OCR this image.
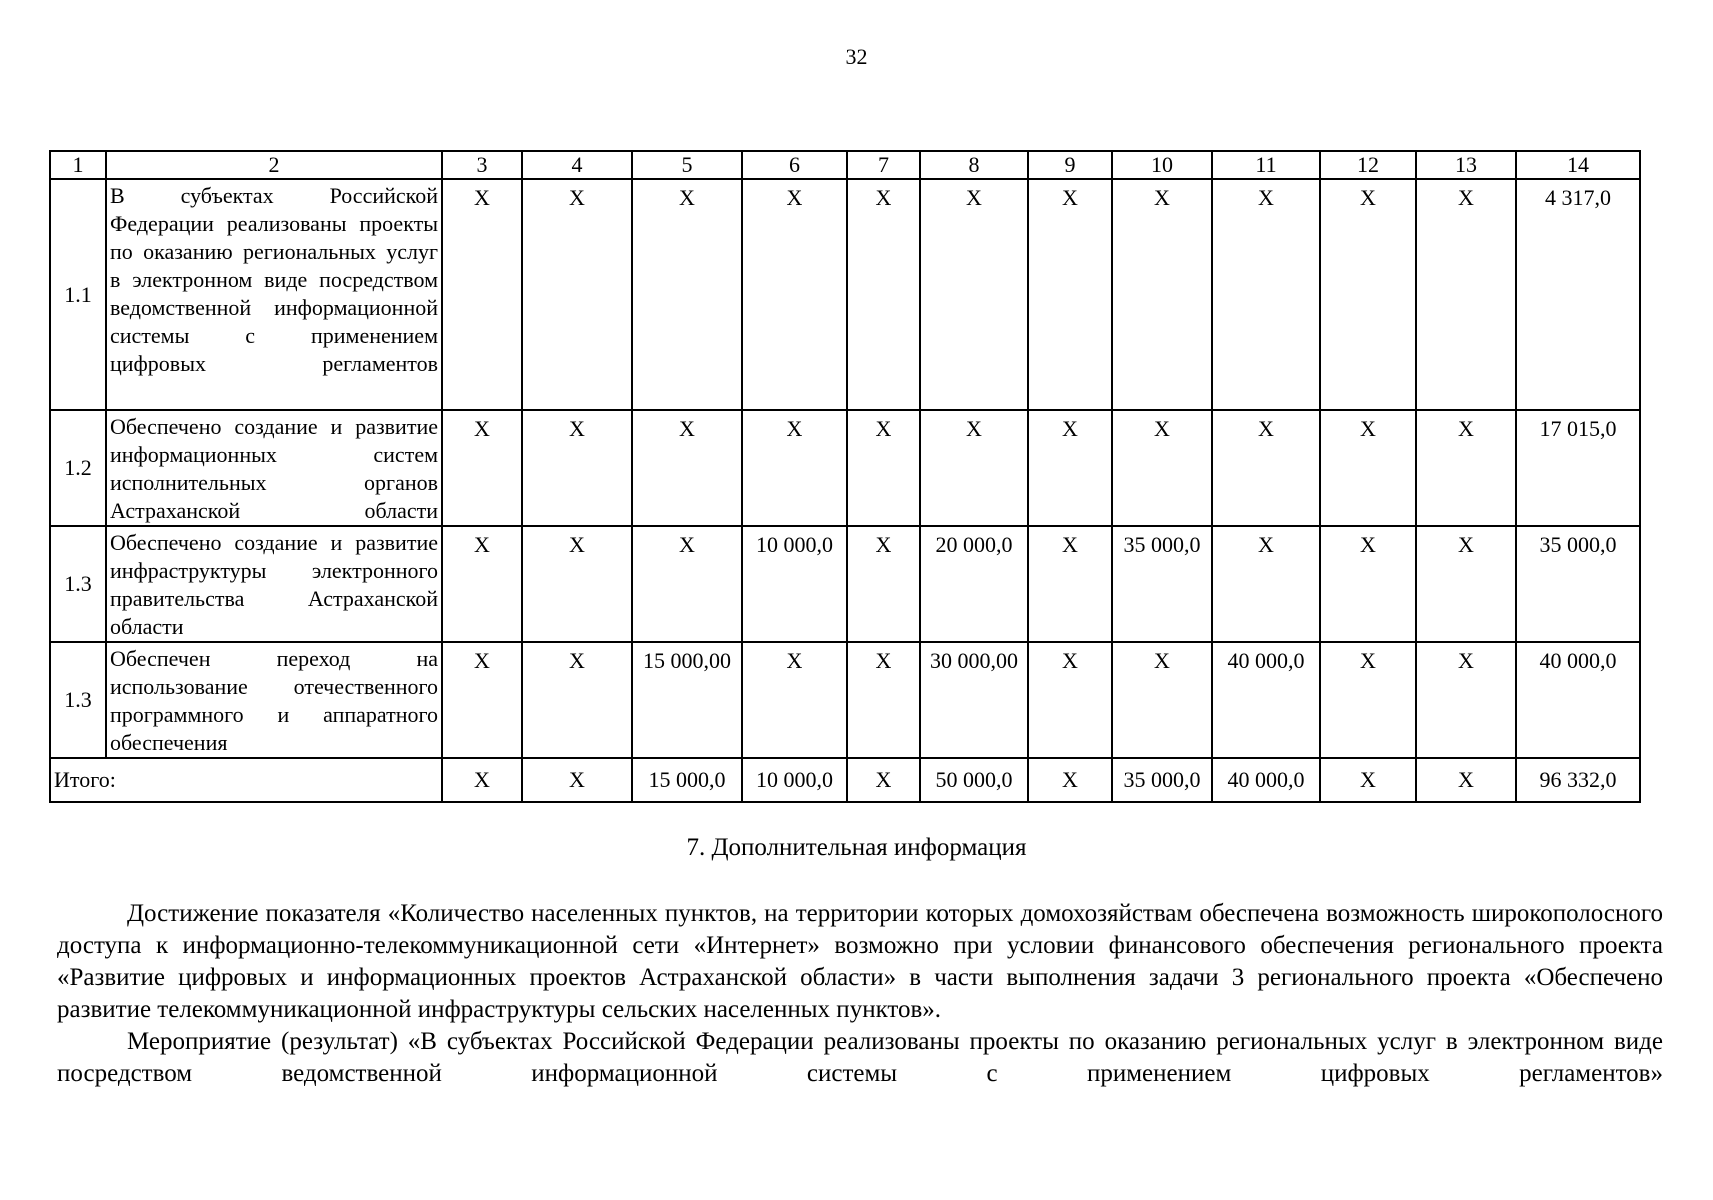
32
1	2	3	4	5	6	7	8	9	10	11	12	13	14
1.1	В субъектах Российской Федерации реализованы проекты по оказанию региональных услуг в электронном виде посредством ведомственной информационной системы с применением цифровых регламентов	X	X	X	X	X	X	X	X	X	X	X	4 317,0
1.2	Обеспечено создание и развитие информационных систем исполнительных органов Астраханской области	X	X	X	X	X	X	X	X	X	X	X	17 015,0
1.3	Обеспечено создание и развитие инфраструктуры электронного правительства Астраханской области	X	X	X	10 000,0	X	20 000,0	X	35 000,0	X	X	X	35 000,0
1.3	Обеспечен переход на использование отечественного программного и аппаратного обеспечения	X	X	15 000,00	X	X	30 000,00	X	X	40 000,0	X	X	40 000,0
Итого:		X	X	15 000,0	10 000,0	X	50 000,0	X	35 000,0	40 000,0	X	X	96 332,0
7. Дополнительная информация

Достижение показателя «Количество населенных пунктов, на территории которых домохозяйствам обеспечена возможность широкополосного доступа к информационно-телекоммуникационной сети «Интернет» возможно при условии финансового обеспечения регионального проекта «Развитие цифровых и информационных проектов Астраханской области» в части выполнения задачи 3 регионального проекта «Обеспечено развитие телекоммуникационной инфраструктуры сельских населенных пунктов».

Мероприятие (результат) «В субъектах Российской Федерации реализованы проекты по оказанию региональных услуг в электронном виде посредством ведомственной информационной системы с применением цифровых регламентов»
